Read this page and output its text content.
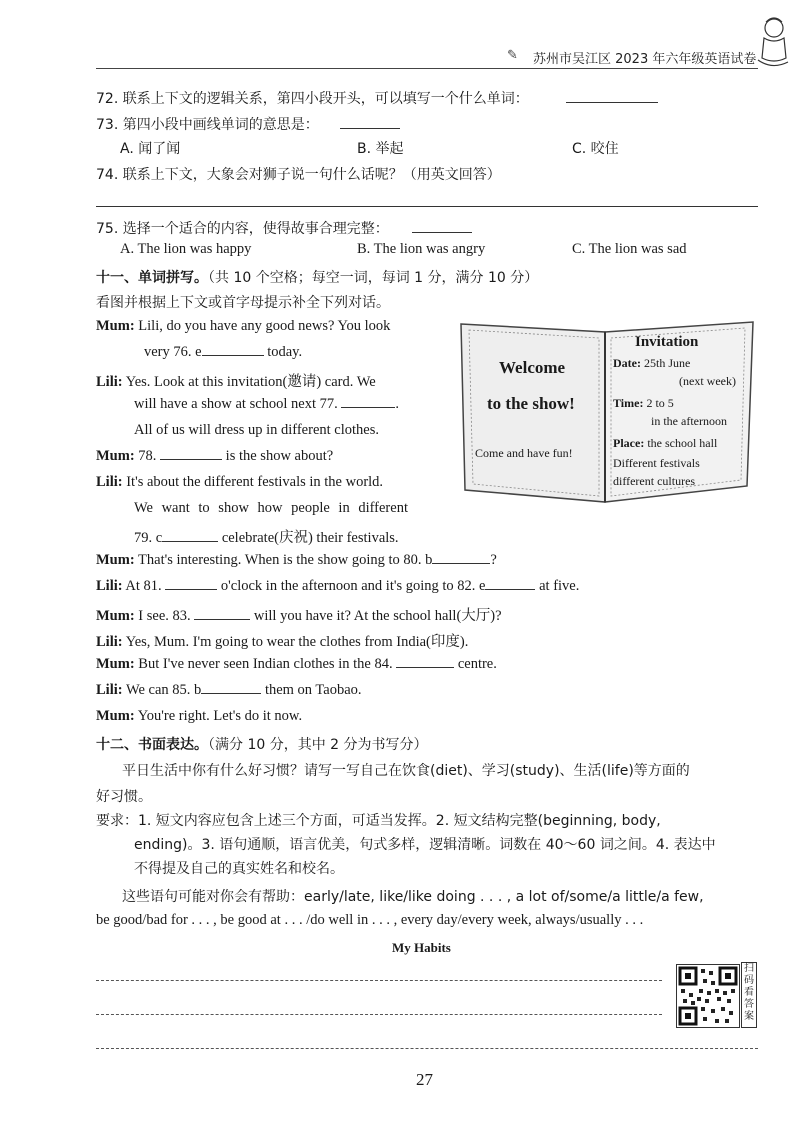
✎ 苏州市吴江区 2023 年六年级英语试卷
72. 联系上下文的逻辑关系，第四小段开头，可以填写一个什么单词：
73. 第四小段中画线单词的意思是：
A. 闻了闻	B. 举起	C. 咬住
74. 联系上下文，大象会对狮子说一句什么话呢？（用英文回答）
75. 选择一个适合的内容，使得故事合理完整：
A. The lion was happy	B. The lion was angry	C. The lion was sad
十一、单词拼写。（共 10 个空格；每空一词，每词 1 分，满分 10 分）
看图并根据上下文或首字母提示补全下列对话。
Mum: Lili, do you have any good news? You look
very 76. e	today.
Lili: Yes. Look at this invitation(邀请) card. We
will have a show at school next 77.	.
All of us will dress up in different clothes.
Mum: 78.	is the show about?
Lili: It's about the different festivals in the world.
We want to show how people in different
79. c	celebrate(庆祝) their festivals.
Mum: That's interesting. When is the show going to 80. b	?
Lili: At 81.	o'clock in the afternoon and it's going to 82. e	at five.
Mum: I see. 83.	will you have it? At the school hall(大厅)?
Lili: Yes, Mum. I'm going to wear the clothes from India(印度).
Mum: But I've never seen Indian clothes in the 84.	centre.
Lili: We can 85. b	them on Taobao.
Mum: You're right. Let's do it now.
Welcome
to the show!
Come and have fun!
Invitation
Date: 25th June
(next week)
Time: 2 to 5
in the afternoon
Place: the school hall
Different festivals
different cultures
十二、书面表达。（满分 10 分，其中 2 分为书写分）
平日生活中你有什么好习惯？请写一写自己在饮食(diet)、学习(study)、生活(life)等方面的
好习惯。
要求：1. 短文内容应包含上述三个方面，可适当发挥。2. 短文结构完整(beginning, body,
ending)。3. 语句通顺，语言优美，句式多样，逻辑清晰。词数在 40～60 词之间。4. 表达中
不得提及自己的真实姓名和校名。
这些语句可能对你会有帮助：early/late, like/like doing . . . , a lot of/some/a little/a few,
be good/bad for . . . , be good at . . . /do well in . . . , every day/every week, always/usually . . .
My Habits
扫码看答案
27
